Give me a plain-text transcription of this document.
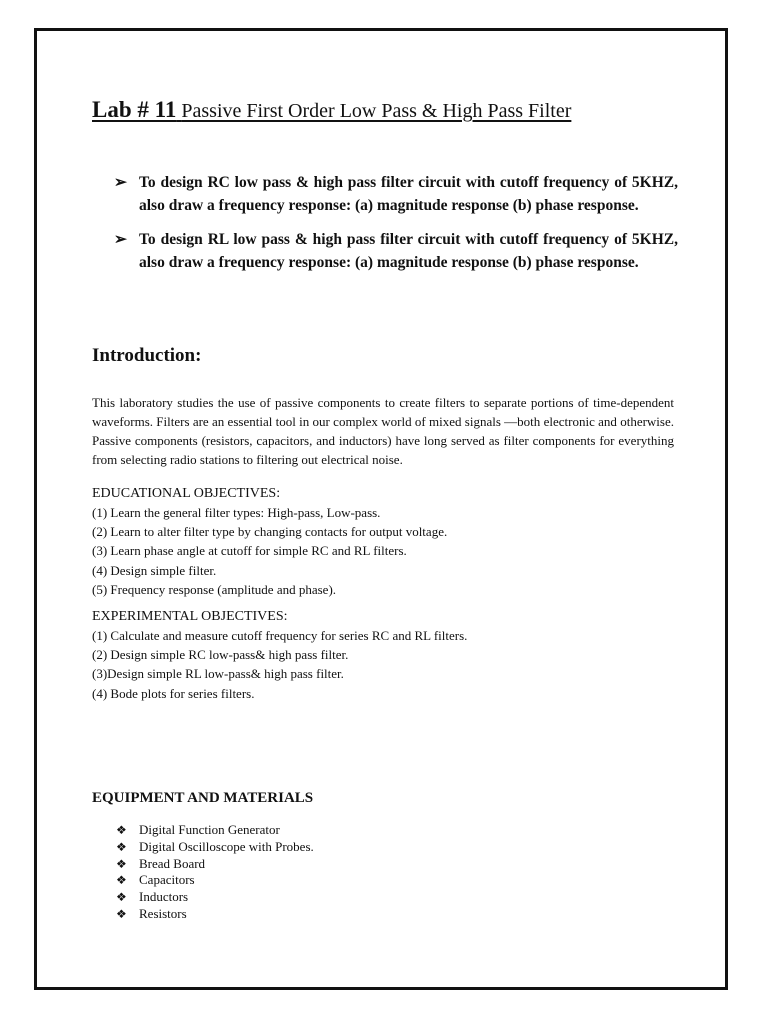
Lab # 11 Passive First Order Low Pass & High Pass Filter
➢ To design RC low pass & high pass filter circuit with cutoff frequency of 5KHZ, also draw a frequency response: (a) magnitude response (b) phase response.
➢ To design RL low pass & high pass filter circuit with cutoff frequency of 5KHZ, also draw a frequency response: (a) magnitude response (b) phase response.
Introduction:

This laboratory studies the use of passive components to create filters to separate portions of time-dependent waveforms. Filters are an essential tool in our complex world of mixed signals —both electronic and otherwise. Passive components (resistors, capacitors, and inductors) have long served as filter components for everything from selecting radio stations to filtering out electrical noise.

EDUCATIONAL OBJECTIVES:
(1) Learn the general filter types: High-pass, Low-pass.
(2) Learn to alter filter type by changing contacts for output voltage.
(3) Learn phase angle at cutoff for simple RC and RL filters.
(4) Design simple filter.
(5) Frequency response (amplitude and phase).
EXPERIMENTAL OBJECTIVES:
(1) Calculate and measure cutoff frequency for series RC and RL filters.
(2) Design simple RC low-pass& high pass filter.
(3)Design simple RL low-pass& high pass filter.
(4) Bode plots for series filters.
EQUIPMENT AND MATERIALS
❖ Digital Function Generator
❖ Digital Oscilloscope with Probes.
❖ Bread Board
❖ Capacitors
❖ Inductors
❖ Resistors
